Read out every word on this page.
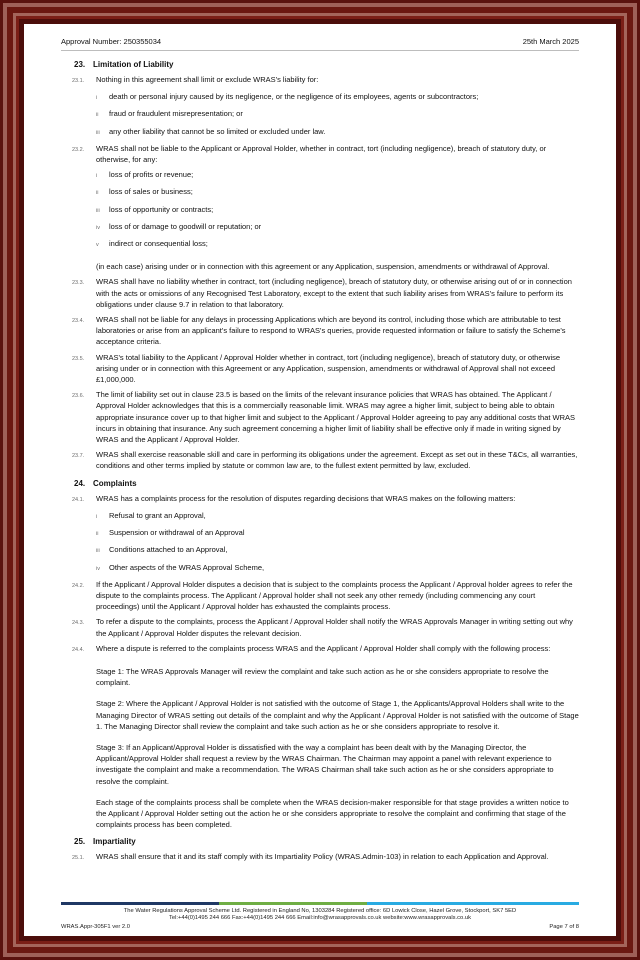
Approval Number: 250355034	25th March 2025
23. Limitation of Liability
23.1.	Nothing in this agreement shall limit or exclude WRAS's liability for:
i	death or personal injury caused by its negligence, or the negligence of its employees, agents or subcontractors;
ii	fraud or fraudulent misrepresentation; or
iii	any other liability that cannot be so limited or excluded under law.
23.2.	WRAS shall not be liable to the Applicant or Approval Holder, whether in contract, tort (including negligence), breach of statutory duty, or otherwise, for any:
i	loss of profits or revenue;
ii	loss of sales or business;
iii	loss of opportunity or contracts;
iv	loss of or damage to goodwill or reputation; or
v	indirect or consequential loss;
(in each case) arising under or in connection with this agreement or any Application, suspension, amendments or withdrawal of Approval.
23.3.	WRAS shall have no liability whether in contract, tort (including negligence), breach of statutory duty, or otherwise arising out of or in connection with the acts or omissions of any Recognised Test Laboratory, except to the extent that such liability arises from WRAS's failure to perform its obligations under clause 9.7 in relation to that laboratory.
23.4.	WRAS shall not be liable for any delays in processing Applications which are beyond its control, including those which are attributable to test laboratories or arise from an applicant's failure to respond to WRAS's queries, provide requested information or failure to satisfy the Scheme's acceptance criteria.
23.5.	WRAS's total liability to the Applicant / Approval Holder whether in contract, tort (including negligence), breach of statutory duty, or otherwise arising under or in connection with this Agreement or any Application, suspension, amendments or withdrawal of Approval shall not exceed £1,000,000.
23.6.	The limit of liability set out in clause 23.5 is based on the limits of the relevant insurance policies that WRAS has obtained. The Applicant / Approval Holder acknowledges that this is a commercially reasonable limit. WRAS may agree a higher limit, subject to being able to obtain appropriate insurance cover up to that higher limit and subject to the Applicant / Approval Holder agreeing to pay any additional costs that WRAS incurs in obtaining that insurance. Any such agreement concerning a higher limit of liability shall be effective only if made in writing signed by WRAS and the Applicant / Approval Holder.
23.7.	WRAS shall exercise reasonable skill and care in performing its obligations under the agreement. Except as set out in these T&Cs, all warranties, conditions and other terms implied by statute or common law are, to the fullest extent permitted by law, excluded.
24. Complaints
24.1.	WRAS has a complaints process for the resolution of disputes regarding decisions that WRAS makes on the following matters:
i	Refusal to grant an Approval,
ii	Suspension or withdrawal of an Approval
iii	Conditions attached to an Approval,
iv	Other aspects of the WRAS Approval Scheme,
24.2.	If the Applicant / Approval Holder disputes a decision that is subject to the complaints process the Applicant / Approval holder agrees to refer the dispute to the complaints process. The Applicant / Approval holder shall not seek any other remedy (including commencing any court proceedings) until the Applicant / Approval holder has exhausted the complaints process.
24.3.	To refer a dispute to the complaints, process the Applicant / Approval Holder shall notify the WRAS Approvals Manager in writing setting out why the Applicant / Approval Holder disputes the relevant decision.
24.4.	Where a dispute is referred to the complaints process WRAS and the Applicant / Approval Holder shall comply with the following process:
Stage 1: The WRAS Approvals Manager will review the complaint and take such action as he or she considers appropriate to resolve the complaint.
Stage 2: Where the Applicant / Approval Holder is not satisfied with the outcome of Stage 1, the Applicants/Approval Holders shall write to the Managing Director of WRAS setting out details of the complaint and why the Applicant / Approval Holder is not satisfied with the outcome of Stage 1. The Managing Director shall review the complaint and take such action as he or she considers appropriate to resolve it.
Stage 3: If an Applicant/Approval Holder is dissatisfied with the way a complaint has been dealt with by the Managing Director, the Applicant/Approval Holder shall request a review by the WRAS Chairman. The Chairman may appoint a panel with relevant experience to investigate the complaint and make a recommendation. The WRAS Chairman shall take such action as he or she considers appropriate to resolve the complaint.
Each stage of the complaints process shall be complete when the WRAS decision-maker responsible for that stage provides a written notice to the Applicant / Approval Holder setting out the action he or she considers appropriate to resolve the complaint and confirming that stage of the complaints process has been completed.
25. Impartiality
25.1.	WRAS shall ensure that it and its staff comply with its Impartiality Policy (WRAS.Admin-103) in relation to each Application and Approval.
The Water Regulations Approval Scheme Ltd. Registered in England No, 1303284 Registered office: 6D Lowick Close, Hazel Grove, Stockport, SK7 5ED
Tel:+44(0)1495 244 666 Fax:+44(0)1495 244 666 Email:info@wrasapprovals.co.uk website:www.wrasapprovals.co.uk
WRAS.Appr-305F1 ver 2.0	Page 7 of 8
